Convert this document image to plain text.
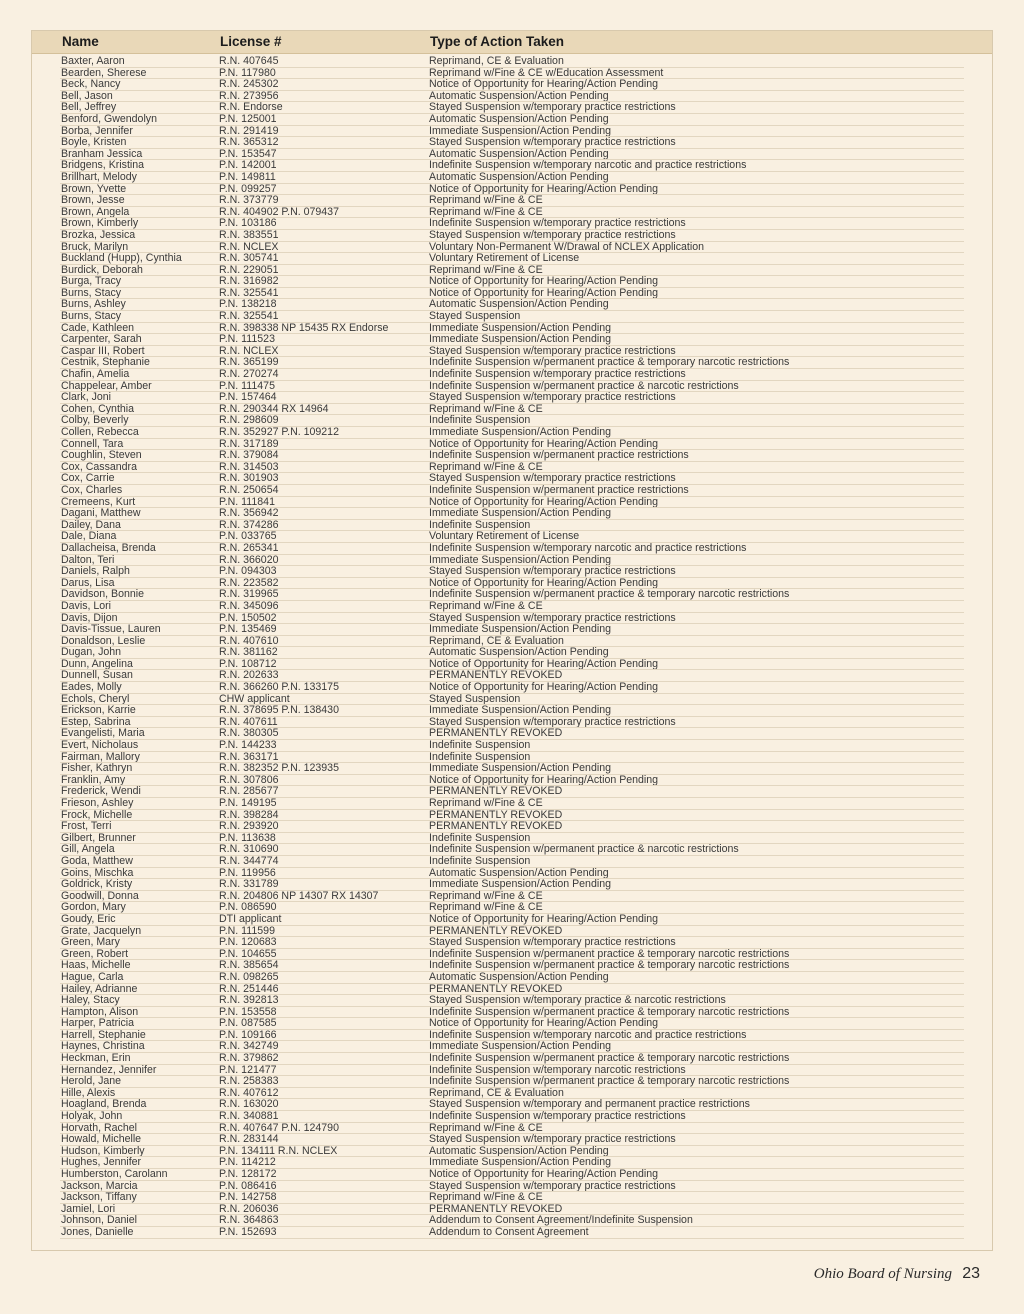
Name	License #	Type of Action Taken
Baxter, Aaron	R.N. 407645	Reprimand, CE & Evaluation
Bearden, Sherese	P.N. 117980	Reprimand w/Fine & CE w/Education Assessment
Beck, Nancy	R.N. 245302	Notice of Opportunity for Hearing/Action Pending
Bell, Jason	R.N. 273956	Automatic Suspension/Action Pending
Bell, Jeffrey	R.N. Endorse	Stayed Suspension w/temporary practice restrictions
Benford, Gwendolyn	P.N. 125001	Automatic Suspension/Action Pending
Borba, Jennifer	R.N. 291419	Immediate Suspension/Action Pending
Boyle, Kristen	R.N. 365312	Stayed Suspension w/temporary practice restrictions
Branham Jessica	P.N. 153547	Automatic Suspension/Action Pending
Bridgens, Kristina	P.N. 142001	Indefinite Suspension w/temporary narcotic and practice restrictions
Brillhart, Melody	P.N. 149811	Automatic Suspension/Action Pending
Brown, Yvette	P.N. 099257	Notice of Opportunity for Hearing/Action Pending
Brown, Jesse	R.N. 373779	Reprimand w/Fine & CE
Brown, Angela	R.N. 404902 P.N. 079437	Reprimand w/Fine & CE
Brown, Kimberly	P.N. 103186	Indefinite Suspension w/temporary practice restrictions
Brozka, Jessica	R.N. 383551	Stayed Suspension w/temporary practice restrictions
Bruck, Marilyn	R.N. NCLEX	Voluntary Non-Permanent W/Drawal of NCLEX Application
Buckland (Hupp), Cynthia	R.N. 305741	Voluntary Retirement of License
Burdick, Deborah	R.N. 229051	Reprimand w/Fine & CE
Burga, Tracy	R.N. 316982	Notice of Opportunity for Hearing/Action Pending
Burns, Stacy	R.N. 325541	Notice of Opportunity for Hearing/Action Pending
Burns, Ashley	P.N. 138218	Automatic Suspension/Action Pending
Burns, Stacy	R.N. 325541	Stayed Suspension
Cade, Kathleen	R.N. 398338 NP 15435 RX Endorse	Immediate Suspension/Action Pending
Carpenter, Sarah	P.N. 111523	Immediate Suspension/Action Pending
Caspar III, Robert	R.N. NCLEX	Stayed Suspension w/temporary practice restrictions
Cestnik, Stephanie	R.N. 365199	Indefinite Suspension w/permanent practice & temporary narcotic restrictions
Chafin, Amelia	R.N. 270274	Indefinite Suspension w/temporary practice restrictions
Chappelear, Amber	P.N. 111475	Indefinite Suspension w/permanent practice & narcotic restrictions
Clark, Joni	P.N. 157464	Stayed Suspension w/temporary practice restrictions
Cohen, Cynthia	R.N. 290344 RX 14964	Reprimand w/Fine & CE
Colby, Beverly	R.N. 298609	Indefinite Suspension
Collen, Rebecca	R.N. 352927 P.N. 109212	Immediate Suspension/Action Pending
Connell, Tara	R.N. 317189	Notice of Opportunity for Hearing/Action Pending
Coughlin, Steven	R.N. 379084	Indefinite Suspension w/permanent practice restrictions
Cox, Cassandra	R.N. 314503	Reprimand w/Fine & CE
Cox, Carrie	R.N. 301903	Stayed Suspension w/temporary practice restrictions
Cox, Charles	R.N. 250654	Indefinite Suspension w/permanent practice restrictions
Cremeens, Kurt	P.N. 111841	Notice of Opportunity for Hearing/Action Pending
Dagani, Matthew	R.N. 356942	Immediate Suspension/Action Pending
Dailey, Dana	R.N. 374286	Indefinite Suspension
Dale, Diana	P.N. 033765	Voluntary Retirement of License
Dallacheisa, Brenda	R.N. 265341	Indefinite Suspension w/temporary narcotic and practice restrictions
Dalton, Teri	R.N. 366020	Immediate Suspension/Action Pending
Daniels, Ralph	P.N. 094303	Stayed Suspension w/temporary practice restrictions
Darus, Lisa	R.N. 223582	Notice of Opportunity for Hearing/Action Pending
Davidson, Bonnie	R.N. 319965	Indefinite Suspension w/permanent practice & temporary narcotic restrictions
Davis, Lori	R.N. 345096	Reprimand w/Fine & CE
Davis, Dijon	P.N. 150502	Stayed Suspension w/temporary practice restrictions
Davis-Tissue, Lauren	P.N. 135469	Immediate Suspension/Action Pending
Donaldson, Leslie	R.N. 407610	Reprimand, CE & Evaluation
Dugan, John	R.N. 381162	Automatic Suspension/Action Pending
Dunn, Angelina	P.N. 108712	Notice of Opportunity for Hearing/Action Pending
Dunnell, Susan	R.N. 202633	PERMANENTLY REVOKED
Eades, Molly	R.N. 366260 P.N. 133175	Notice of Opportunity for Hearing/Action Pending
Echols, Cheryl	CHW applicant	Stayed Suspension
Erickson, Karrie	R.N. 378695 P.N. 138430	Immediate Suspension/Action Pending
Estep, Sabrina	R.N. 407611	Stayed Suspension w/temporary practice restrictions
Evangelisti, Maria	R.N. 380305	PERMANENTLY REVOKED
Evert, Nicholaus	P.N. 144233	Indefinite Suspension
Fairman, Mallory	R.N. 363171	Indefinite Suspension
Fisher, Kathryn	R.N. 382352 P.N. 123935	Immediate Suspension/Action Pending
Franklin, Amy	R.N. 307806	Notice of Opportunity for Hearing/Action Pending
Frederick, Wendi	R.N. 285677	PERMANENTLY REVOKED
Frieson, Ashley	P.N. 149195	Reprimand w/Fine & CE
Frock, Michelle	R.N. 398284	PERMANENTLY REVOKED
Frost, Terri	R.N. 293920	PERMANENTLY REVOKED
Gilbert, Brunner	P.N. 113638	Indefinite Suspension
Gill, Angela	R.N. 310690	Indefinite Suspension w/permanent practice & narcotic restrictions
Goda, Matthew	R.N. 344774	Indefinite Suspension
Goins, Mischka	P.N. 119956	Automatic Suspension/Action Pending
Goldrick, Kristy	R.N. 331789	Immediate Suspension/Action Pending
Goodwill, Donna	R.N. 204806 NP 14307 RX 14307	Reprimand w/Fine & CE
Gordon, Mary	P.N. 086590	Reprimand w/Fine & CE
Goudy, Eric	DTI applicant	Notice of Opportunity for Hearing/Action Pending
Grate, Jacquelyn	P.N. 111599	PERMANENTLY REVOKED
Green, Mary	P.N. 120683	Stayed Suspension w/temporary practice restrictions
Green, Robert	P.N. 104655	Indefinite Suspension w/permanent practice & temporary narcotic restrictions
Haas, Michelle	R.N. 385654	Indefinite Suspension w/permanent practice & temporary narcotic restrictions
Hague, Carla	R.N. 098265	Automatic Suspension/Action Pending
Hailey, Adrianne	R.N. 251446	PERMANENTLY REVOKED
Haley, Stacy	R.N. 392813	Stayed Suspension w/temporary practice & narcotic restrictions
Hampton, Alison	P.N. 153558	Indefinite Suspension w/permanent practice & temporary narcotic restrictions
Harper, Patricia	P.N. 087585	Notice of Opportunity for Hearing/Action Pending
Harrell, Stephanie	P.N. 109166	Indefinite Suspension w/temporary narcotic and practice restrictions
Haynes, Christina	R.N. 342749	Immediate Suspension/Action Pending
Heckman, Erin	R.N. 379862	Indefinite Suspension w/permanent practice & temporary narcotic restrictions
Hernandez, Jennifer	P.N. 121477	Indefinite Suspension w/temporary narcotic restrictions
Herold, Jane	R.N. 258383	Indefinite Suspension w/permanent practice & temporary narcotic restrictions
Hille, Alexis	R.N. 407612	Reprimand, CE & Evaluation
Hoagland, Brenda	R.N. 163020	Stayed Suspension w/temporary and permanent practice restrictions
Holyak, John	R.N. 340881	Indefinite Suspension w/temporary practice restrictions
Horvath, Rachel	R.N. 407647 P.N. 124790	Reprimand w/Fine & CE
Howald, Michelle	R.N. 283144	Stayed Suspension w/temporary practice restrictions
Hudson, Kimberly	P.N. 134111 R.N. NCLEX	Automatic Suspension/Action Pending
Hughes, Jennifer	P.N. 114212	Immediate Suspension/Action Pending
Humberston, Carolann	P.N. 128172	Notice of Opportunity for Hearing/Action Pending
Jackson, Marcia	P.N. 086416	Stayed Suspension w/temporary practice restrictions
Jackson, Tiffany	P.N. 142758	Reprimand w/Fine & CE
Jamiel, Lori	R.N. 206036	PERMANENTLY REVOKED
Johnson, Daniel	R.N. 364863	Addendum to Consent Agreement/Indefinite Suspension
Jones, Danielle	P.N. 152693	Addendum to Consent Agreement
Ohio Board of Nursing 23
